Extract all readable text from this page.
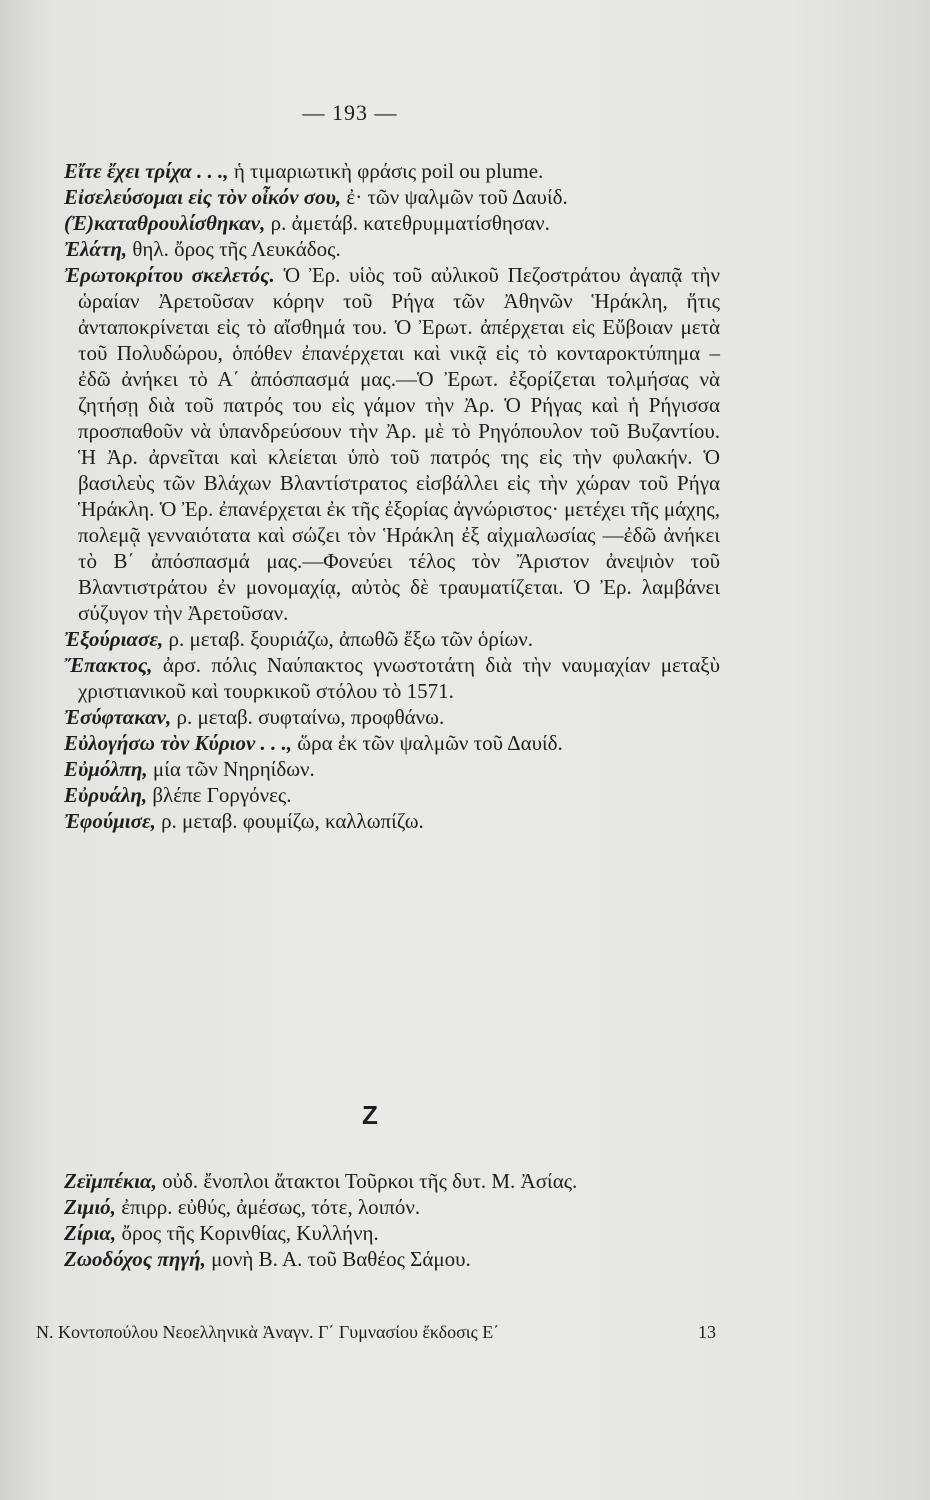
— 193 —

Εἴτε ἔχει τρίχα . . ., ἡ τιμαριωτικὴ φράσις poil ou plume.

Εἰσελεύσομαι εἰς τὸν οἶκόν σου, ἐ· τῶν ψαλμῶν τοῦ Δαυίδ.

(Ἐ)καταθρουλίσθηκαν, ρ. ἀμετάβ. κατεθρυμματίσθησαν.

Ἐλάτη, θηλ. ὄρος τῆς Λευκάδος.

Ἐρωτοκρίτου σκελετός. Ὁ Ἐρ. υἱὸς τοῦ αὐλικοῦ Πεζοστράτου ἀγαπᾷ τὴν ὡραίαν Ἀρετοῦσαν κόρην τοῦ Ρήγα τῶν Ἀθηνῶν Ἡράκλη, ἥτις ἀνταποκρίνεται εἰς τὸ αἴσθημά του. Ὁ Ἐρωτ. ἀπέρχεται εἰς Εὔβοιαν μετὰ τοῦ Πολυδώρου, ὁπόθεν ἐπανέρχεται καὶ νικᾷ εἰς τὸ κονταροκτύπημα – ἐδῶ ἀνήκει τὸ Α΄ ἀπόσπασμά μας.—Ὁ Ἐρωτ. ἐξορίζεται τολμήσας νὰ ζητήσῃ διὰ τοῦ πατρός του εἰς γάμον τὴν Ἀρ. Ὁ Ρήγας καὶ ἡ Ρήγισσα προσπαθοῦν νὰ ὑπανδρεύσουν τὴν Ἀρ. μὲ τὸ Ρηγόπουλον τοῦ Βυζαντίου. Ἡ Ἀρ. ἀρνεῖται καὶ κλείεται ὑπὸ τοῦ πατρός της εἰς τὴν φυλακήν. Ὁ βασιλεὺς τῶν Βλάχων Βλαντίστρατος εἰσβάλλει εἰς τὴν χώραν τοῦ Ρήγα Ἡράκλη. Ὁ Ἐρ. ἐπανέρχεται ἐκ τῆς ἐξορίας ἀγνώριστος· μετέχει τῆς μάχης, πολεμᾷ γενναιότατα καὶ σώζει τὸν Ἡράκλη ἐξ αἰχμαλωσίας —ἐδῶ ἀνήκει τὸ Β΄ ἀπόσπασμά μας.—Φονεύει τέλος τὸν Ἄριστον ἀνεψιὸν τοῦ Βλαντιστράτου ἐν μονομαχίᾳ, αὐτὸς δὲ τραυματίζεται. Ὁ Ἐρ. λαμβάνει σύζυγον τὴν Ἀρετοῦσαν.

Ἐξούριασε, ρ. μεταβ. ξουριάζω, ἀπωθῶ ἔξω τῶν ὁρίων.

Ἔπακτος, ἀρσ. πόλις Ναύπακτος γνωστοτάτη διὰ τὴν ναυμαχίαν μεταξὺ χριστιανικοῦ καὶ τουρκικοῦ στόλου τὸ 1571.

Ἐσύφτακαν, ρ. μεταβ. συφταίνω, προφθάνω.

Εὐλογήσω τὸν Κύριον . . ., ὥρα ἐκ τῶν ψαλμῶν τοῦ Δαυίδ.

Εὐμόλπη, μία τῶν Νηρηίδων.

Εὐρυάλη, βλέπε Γοργόνες.

Ἐφούμισε, ρ. μεταβ. φουμίζω, καλλωπίζω.

Z

Ζεϊμπέκια, οὐδ. ἔνοπλοι ἄτακτοι Τοῦρκοι τῆς δυτ. Μ. Ἀσίας.

Ζιμιό, ἐπιρρ. εὐθύς, ἀμέσως, τότε, λοιπόν.

Ζίρια, ὄρος τῆς Κορινθίας, Κυλλήνη.

Ζωοδόχος πηγή, μονὴ Β. Α. τοῦ Βαθέος Σάμου.

Ν. Κοντοπούλου Νεοελληνικὰ Ἀναγν. Γ΄ Γυμνασίου ἔκδοσις Ε΄	13
